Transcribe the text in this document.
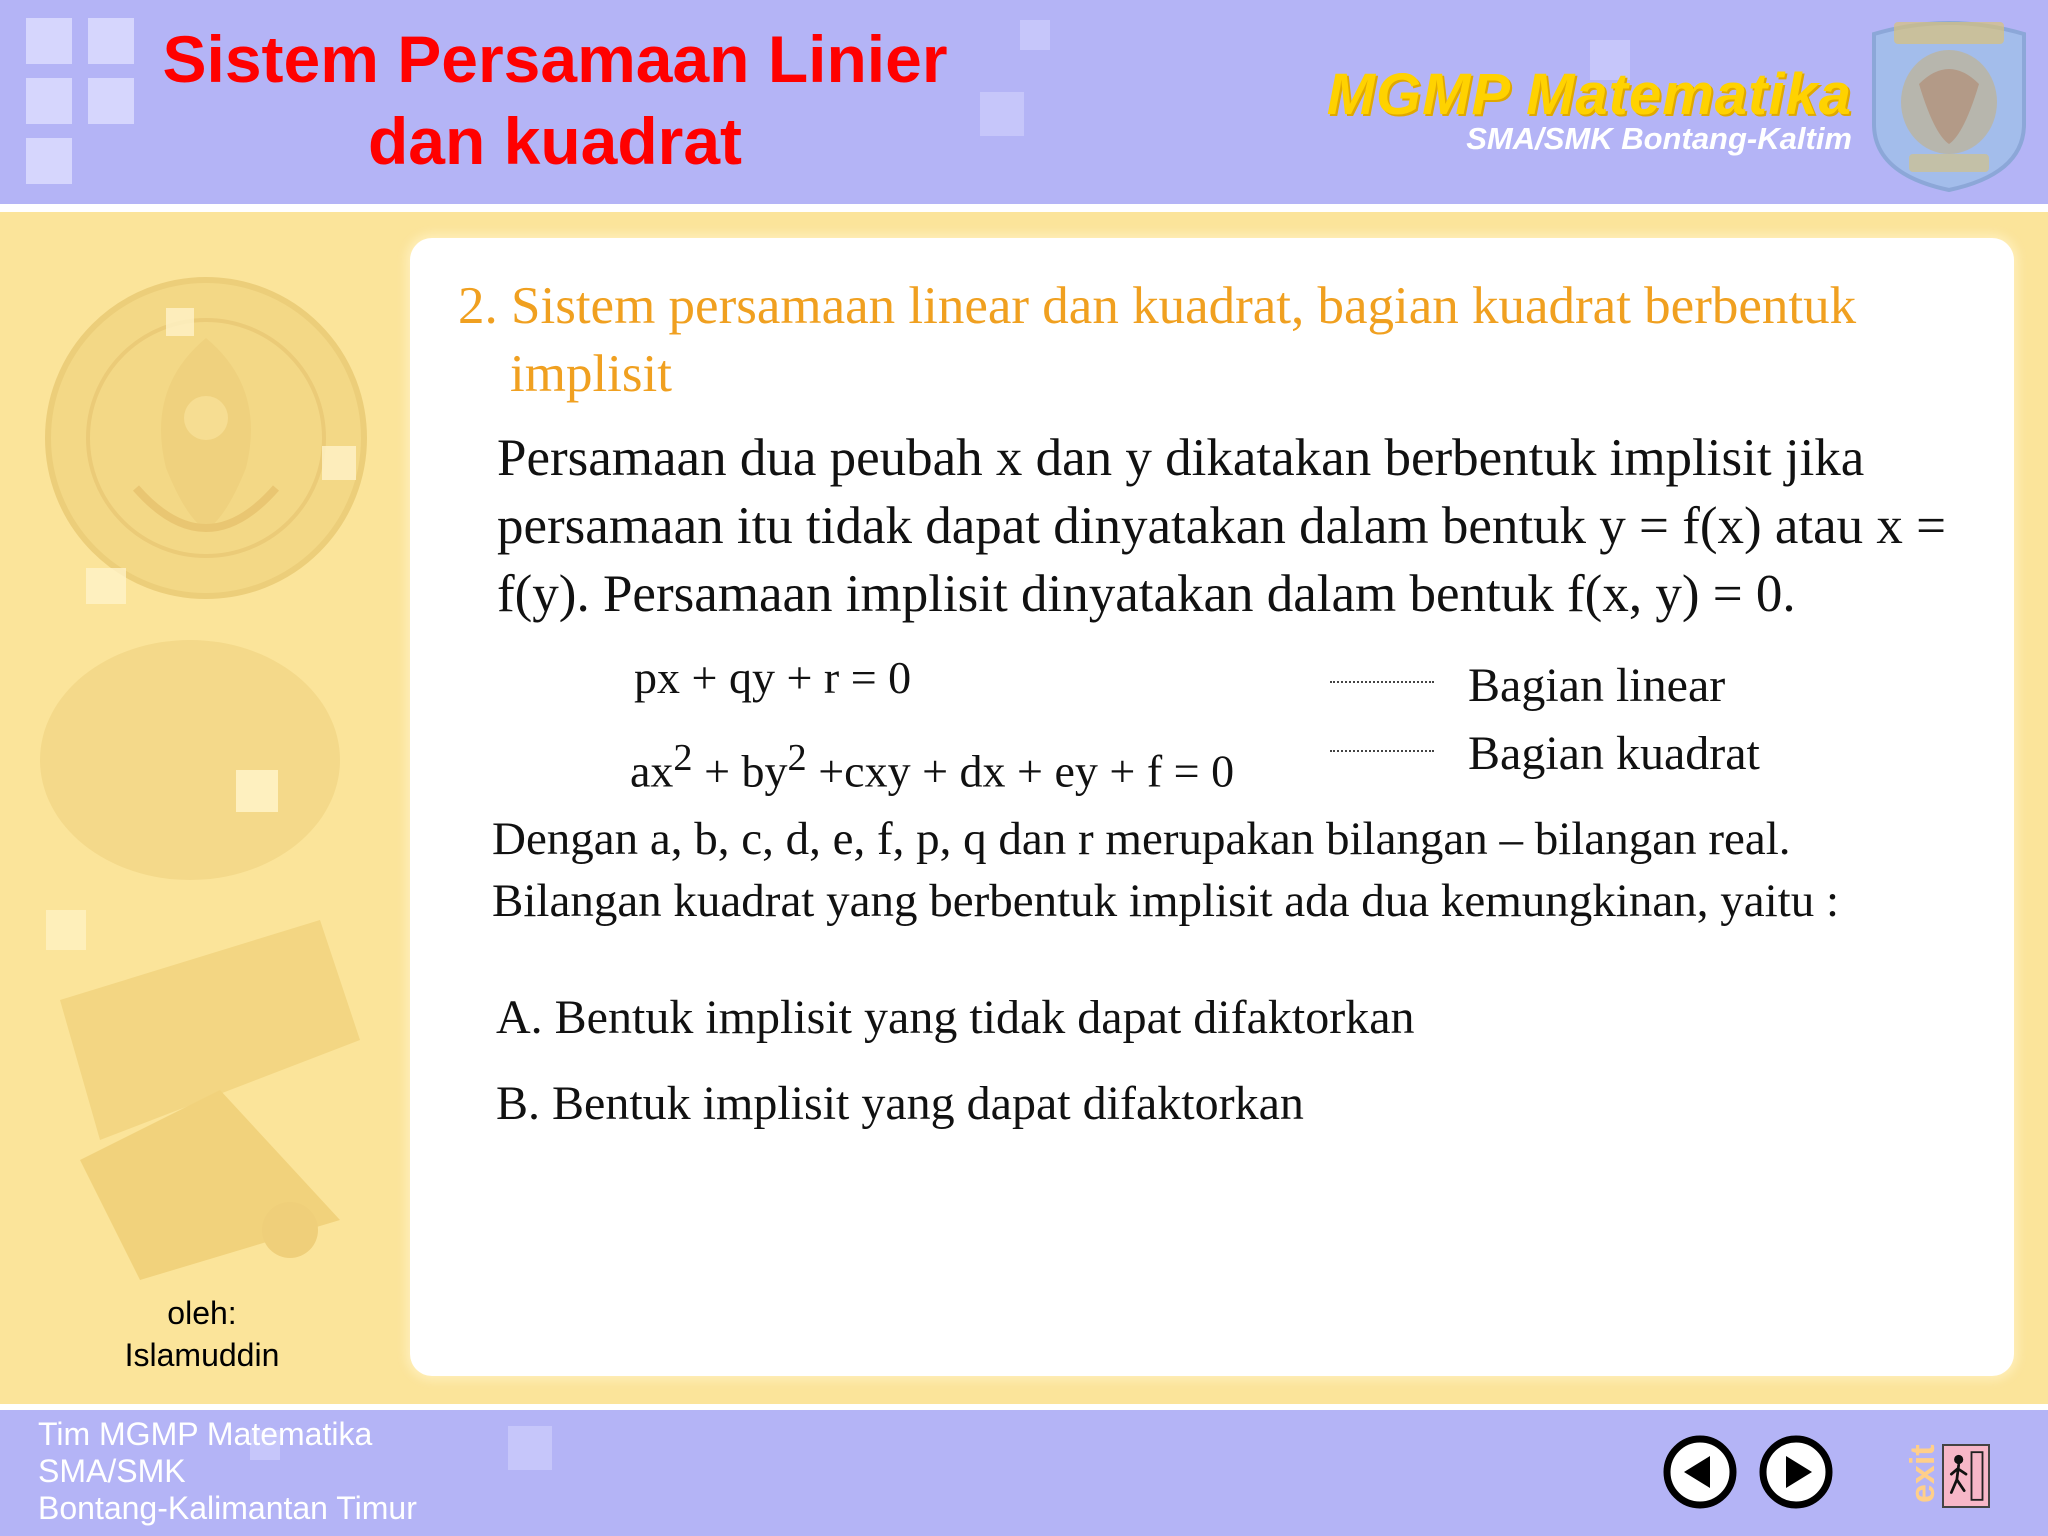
Sistem Persamaan Linier
dan kuadrat
MGMP Matematika
SMA/SMK Bontang-Kaltim
oleh:
Islamuddin
2. Sistem persamaan linear dan kuadrat, bagian kuadrat berbentuk
implisit
Persamaan dua peubah x dan y dikatakan berbentuk implisit jika persamaan itu tidak dapat dinyatakan dalam bentuk y = f(x) atau x = f(y). Persamaan implisit dinyatakan dalam bentuk f(x, y) = 0.
px + qy + r = 0	Bagian linear
$ax^2 + by^2 +cxy$ + dx + ey + f = 0	Bagian kuadrat
Dengan a, b, c, d, e, f, p, q dan r merupakan bilangan – bilangan real.
Bilangan kuadrat yang berbentuk implisit ada dua kemungkinan, yaitu :
A. Bentuk implisit yang tidak dapat difaktorkan
B. Bentuk implisit yang dapat difaktorkan
Tim MGMP Matematika
SMA/SMK
Bontang-Kalimantan Timur
exit
